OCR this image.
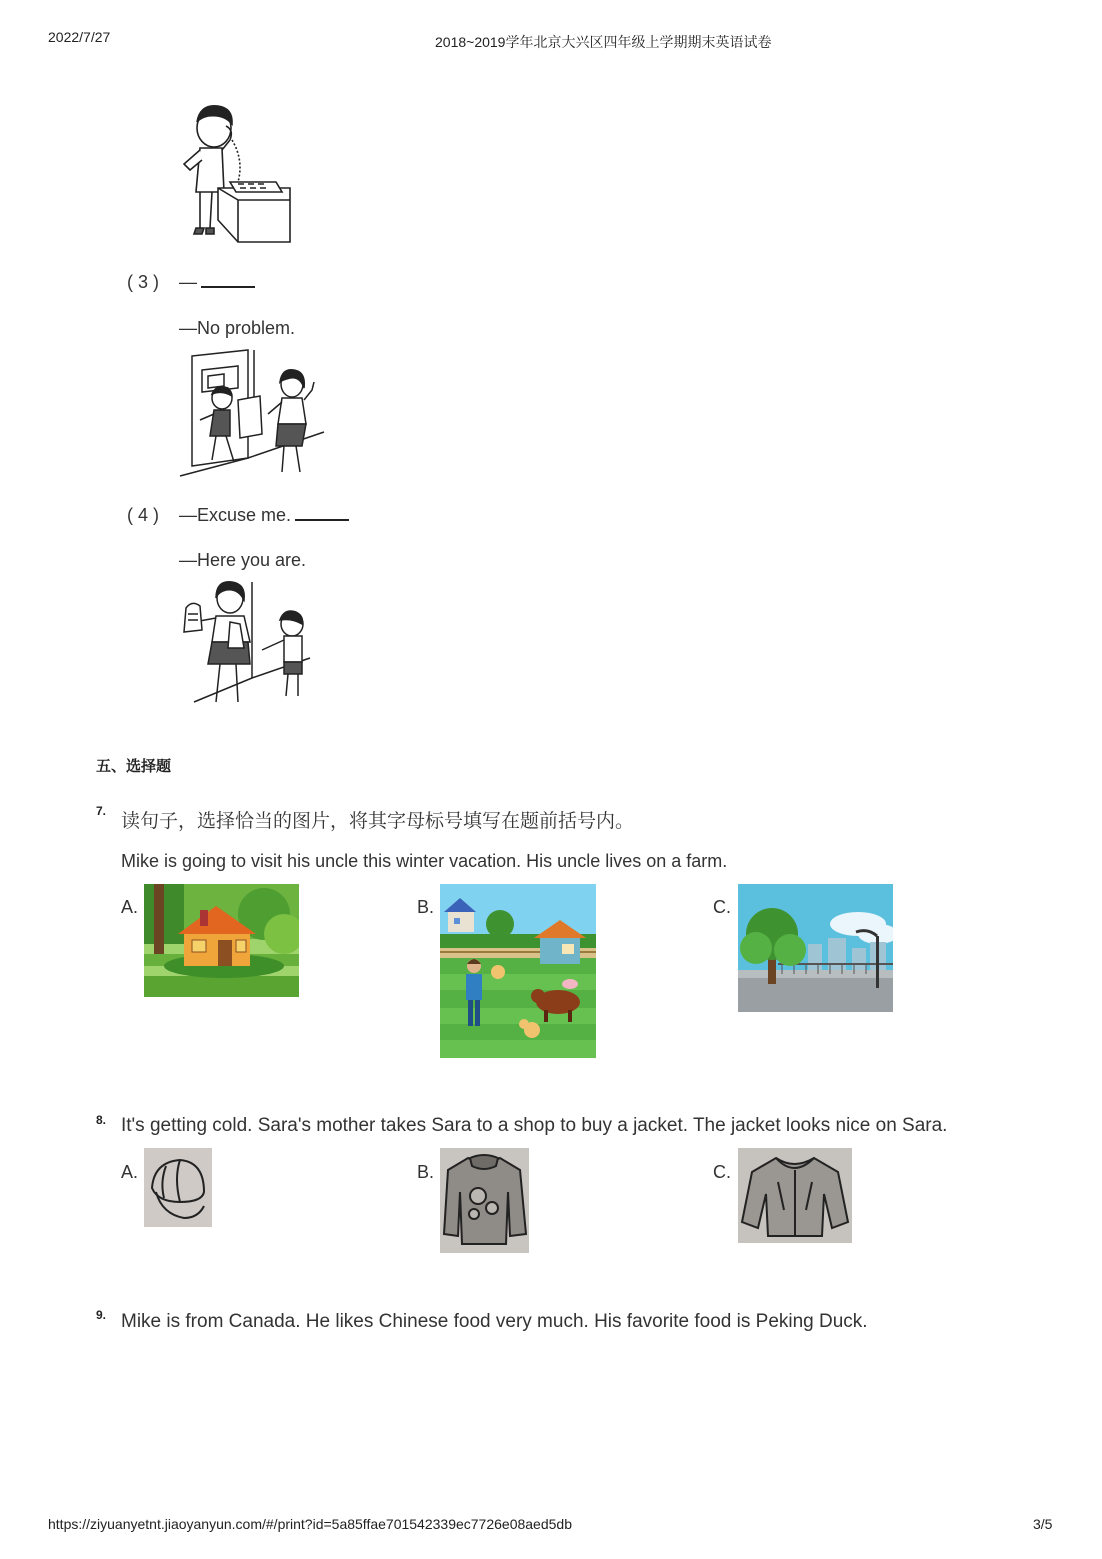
2022/7/27	2018~2019学年北京大兴区四年级上学期期末英语试卷
( 3 ) —
—No problem.
( 4 ) —Excuse me.
—Here you are.
五、选择题
7. 读句子，选择恰当的图片，将其字母标号填写在题前括号内。
Mike is going to visit his uncle this winter vacation. His uncle lives on a farm.
A.	B.	C.
8. It's getting cold. Sara's mother takes Sara to a shop to buy a jacket. The jacket looks nice on Sara.
A.	B.	C.
9. Mike is from Canada. He likes Chinese food very much. His favorite food is Peking Duck.
https://ziyuanyetnt.jiaoyanyun.com/#/print?id=5a85ffae701542339ec7726e08aed5db	3/5
